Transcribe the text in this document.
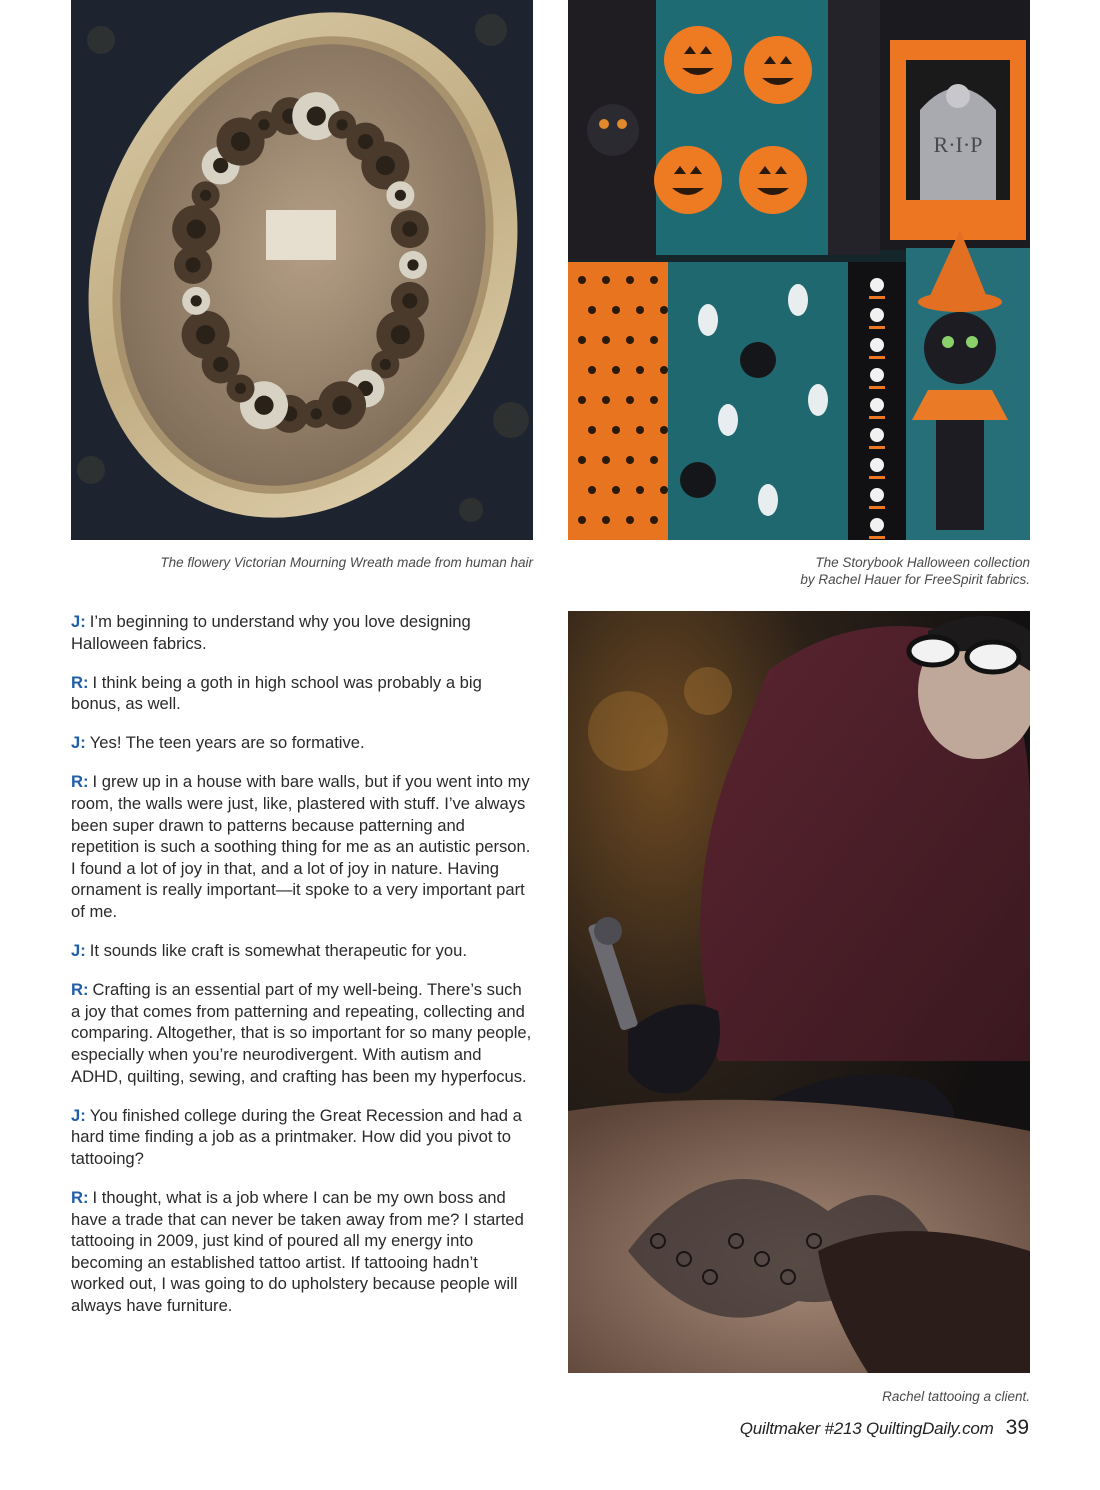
R·I·P
The flowery Victorian Mourning Wreath made from human hair	The Storybook Halloween collection
by Rachel Hauer for FreeSpirit fabrics.
Rachel tattooing a client.

J: I’m beginning to understand why you love designing Halloween fabrics.

R: I think being a goth in high school was probably a big bonus, as well.

J: Yes! The teen years are so formative.

R: I grew up in a house with bare walls, but if you went into my room, the walls were just, like, plastered with stuff. I’ve always been super drawn to patterns because patterning and repetition is such a soothing thing for me as an autistic person. I found a lot of joy in that, and a lot of joy in nature. Having ornament is really important—it spoke to a very important part of me.

J: It sounds like craft is somewhat therapeutic for you.

R: Crafting is an essential part of my well-being. There’s such a joy that comes from patterning and repeating, collecting and comparing. Altogether, that is so important for so many people, especially when you’re neurodivergent. With autism and ADHD, quilting, sewing, and crafting has been my hyperfocus.

J: You finished college during the Great Recession and had a hard time finding a job as a printmaker. How did you pivot to tattooing?

R: I thought, what is a job where I can be my own boss and have a trade that can never be taken away from me? I started tattooing in 2009, just kind of poured all my energy into becoming an established tattoo artist. If tattooing hadn’t worked out, I was going to do upholstery because people will always have furniture.

Quiltmaker #213 QuiltingDaily.com 39
